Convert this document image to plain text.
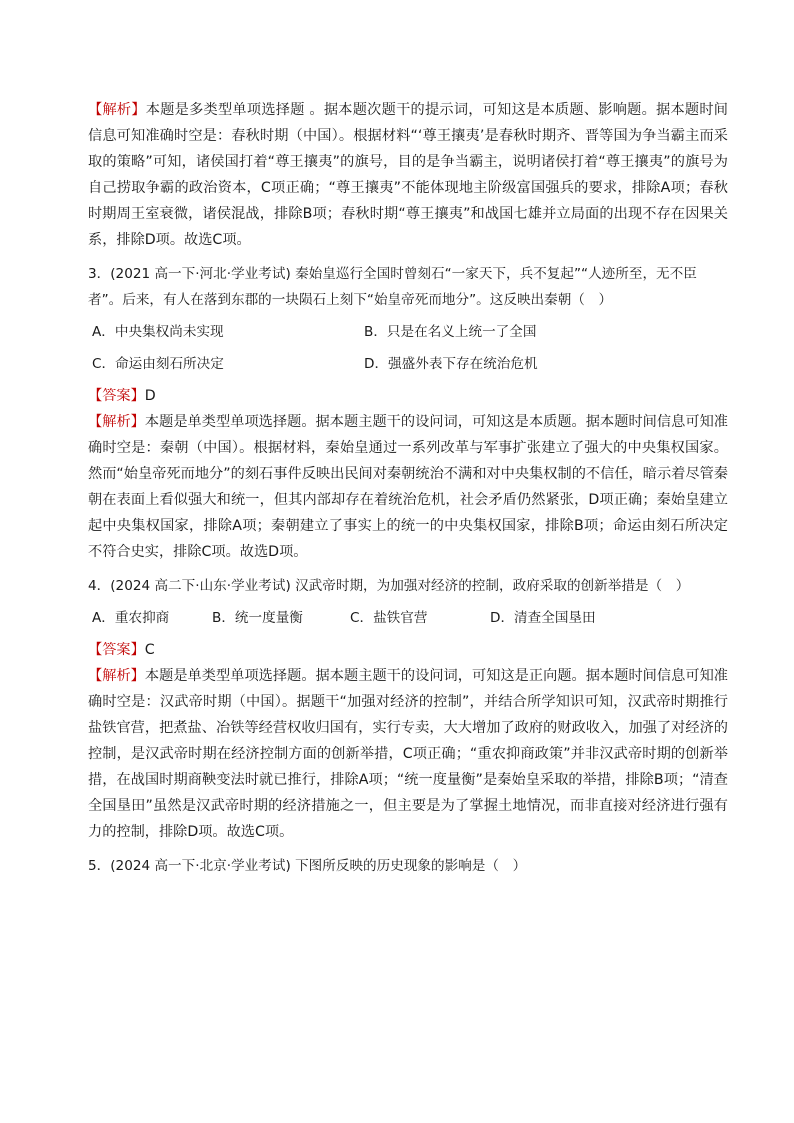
【解析】本题是多类型单项选择题 。据本题次题干的提示词，可知这是本质题、影响题。据本题时间信息可知准确时空是：春秋时期（中国）。根据材料“‘尊王攘夷’是春秋时期齐、晋等国为争当霸主而采取的策略”可知，诸侯国打着“尊王攘夷”的旗号，目的是争当霸主，说明诸侯打着“尊王攘夷”的旗号为自己捞取争霸的政治资本，C项正确；“尊王攘夷”不能体现地主阶级富国强兵的要求，排除A项；春秋时期周王室衰微，诸侯混战，排除B项；春秋时期“尊王攘夷”和战国七雄并立局面的出现不存在因果关系，排除D项。故选C项。

3．(2021 高一下·河北·学业考试) 秦始皇巡行全国时曾刻石“一家天下，兵不复起”“人迹所至，无不臣者”。后来，有人在落到东郡的一块陨石上刻下“始皇帝死而地分”。这反映出秦朝（　）

A．中央集权尚未实现	B．只是在名义上统一了全国
C．命运由刻石所决定	D．强盛外表下存在统治危机
【答案】D

【解析】本题是单类型单项选择题。据本题主题干的设问词，可知这是本质题。据本题时间信息可知准确时空是：秦朝（中国）。根据材料，秦始皇通过一系列改革与军事扩张建立了强大的中央集权国家。然而“始皇帝死而地分”的刻石事件反映出民间对秦朝统治不满和对中央集权制的不信任，暗示着尽管秦朝在表面上看似强大和统一，但其内部却存在着统治危机，社会矛盾仍然紧张，D项正确；秦始皇建立起中央集权国家，排除A项；秦朝建立了事实上的统一的中央集权国家，排除B项；命运由刻石所决定不符合史实，排除C项。故选D项。

4．(2024 高二下·山东·学业考试) 汉武帝时期，为加强对经济的控制，政府采取的创新举措是（　）

A．重农抑商	B．统一度量衡	C．盐铁官营	D．清查全国垦田
【答案】C

【解析】本题是单类型单项选择题。据本题主题干的设问词，可知这是正向题。据本题时间信息可知准确时空是：汉武帝时期（中国）。据题干“加强对经济的控制”，并结合所学知识可知，汉武帝时期推行盐铁官营，把煮盐、冶铁等经营权收归国有，实行专卖，大大增加了政府的财政收入，加强了对经济的控制，是汉武帝时期在经济控制方面的创新举措，C项正确；“重农抑商政策”并非汉武帝时期的创新举措，在战国时期商鞅变法时就已推行，排除A项；“统一度量衡”是秦始皇采取的举措，排除B项；“清查全国垦田”虽然是汉武帝时期的经济措施之一，但主要是为了掌握土地情况，而非直接对经济进行强有力的控制，排除D项。故选C项。

5．(2024 高一下·北京·学业考试) 下图所反映的历史现象的影响是（　）
